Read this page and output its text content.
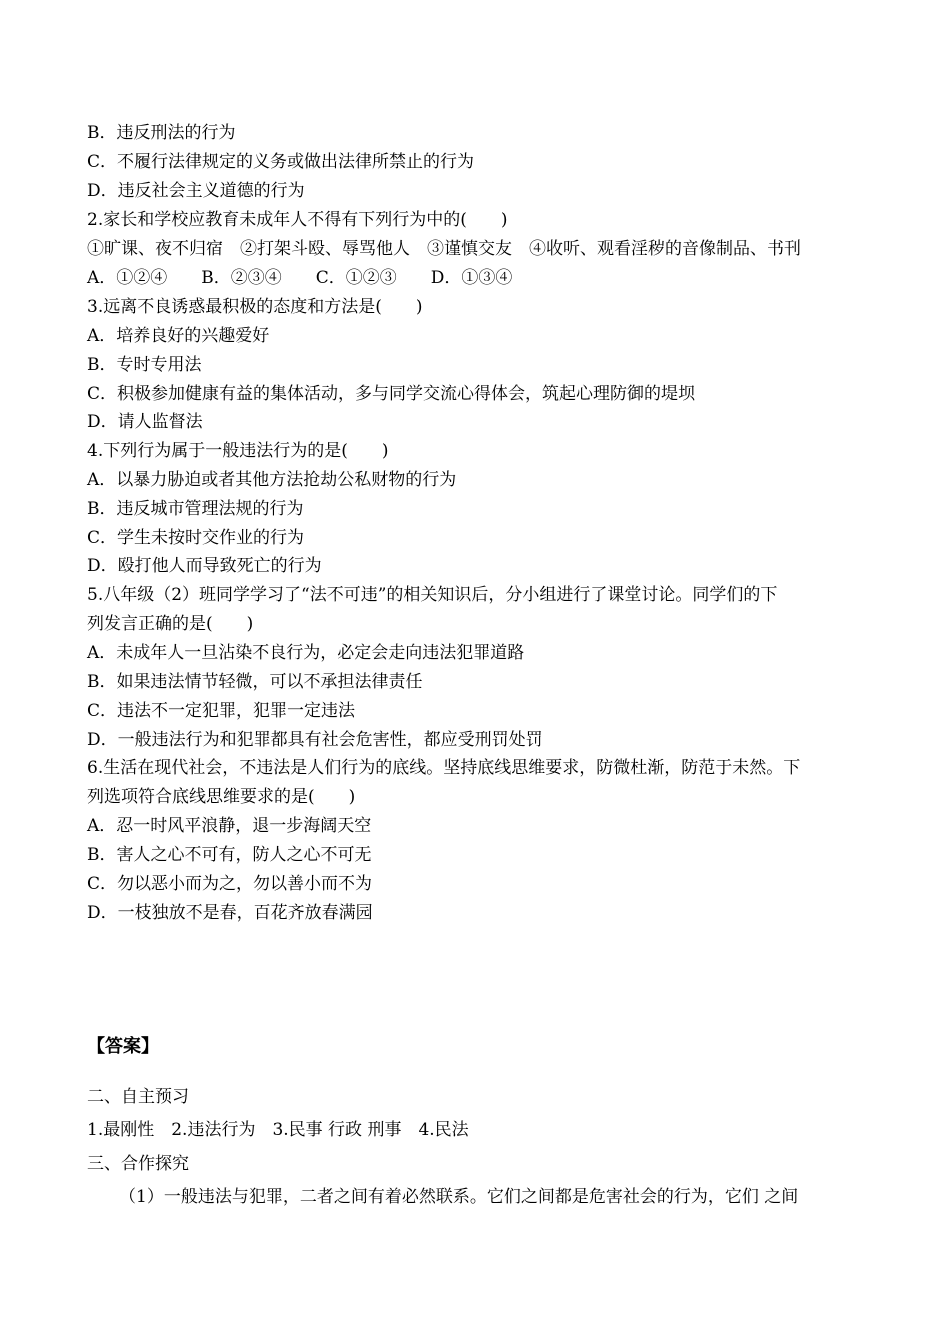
B．违反刑法的行为
C．不履行法律规定的义务或做出法律所禁止的行为
D．违反社会主义道德的行为
2.家长和学校应教育未成年人不得有下列行为中的(　　)
①旷课、夜不归宿　②打架斗殴、辱骂他人　③谨慎交友　④收听、观看淫秽的音像制品、书刊
A．①②④　　B．②③④　　C．①②③　　D．①③④
3.远离不良诱惑最积极的态度和方法是(　　)
A．培养良好的兴趣爱好
B．专时专用法
C．积极参加健康有益的集体活动，多与同学交流心得体会，筑起心理防御的堤坝
D．请人监督法
4.下列行为属于一般违法行为的是(　　)
A．以暴力胁迫或者其他方法抢劫公私财物的行为
B．违反城市管理法规的行为
C．学生未按时交作业的行为
D．殴打他人而导致死亡的行为
5.八年级（2）班同学学习了“法不可违”的相关知识后，分小组进行了课堂讨论。同学们的下
列发言正确的是(　　)
A．未成年人一旦沾染不良行为，必定会走向违法犯罪道路
B．如果违法情节轻微，可以不承担法律责任
C．违法不一定犯罪，犯罪一定违法
D．一般违法行为和犯罪都具有社会危害性，都应受刑罚处罚
6.生活在现代社会，不违法是人们行为的底线。坚持底线思维要求，防微杜渐，防范于未然。下
列选项符合底线思维要求的是(　　)
A．忍一时风平浪静，退一步海阔天空
B．害人之心不可有，防人之心不可无
C．勿以恶小而为之，勿以善小而不为
D．一枝独放不是春，百花齐放春满园
【答案】
二、自主预习
1.最刚性　2.违法行为　3.民事 行政 刑事　4.民法
三、合作探究
（1）一般违法与犯罪，二者之间有着必然联系。它们之间都是危害社会的行为，它们 之间
